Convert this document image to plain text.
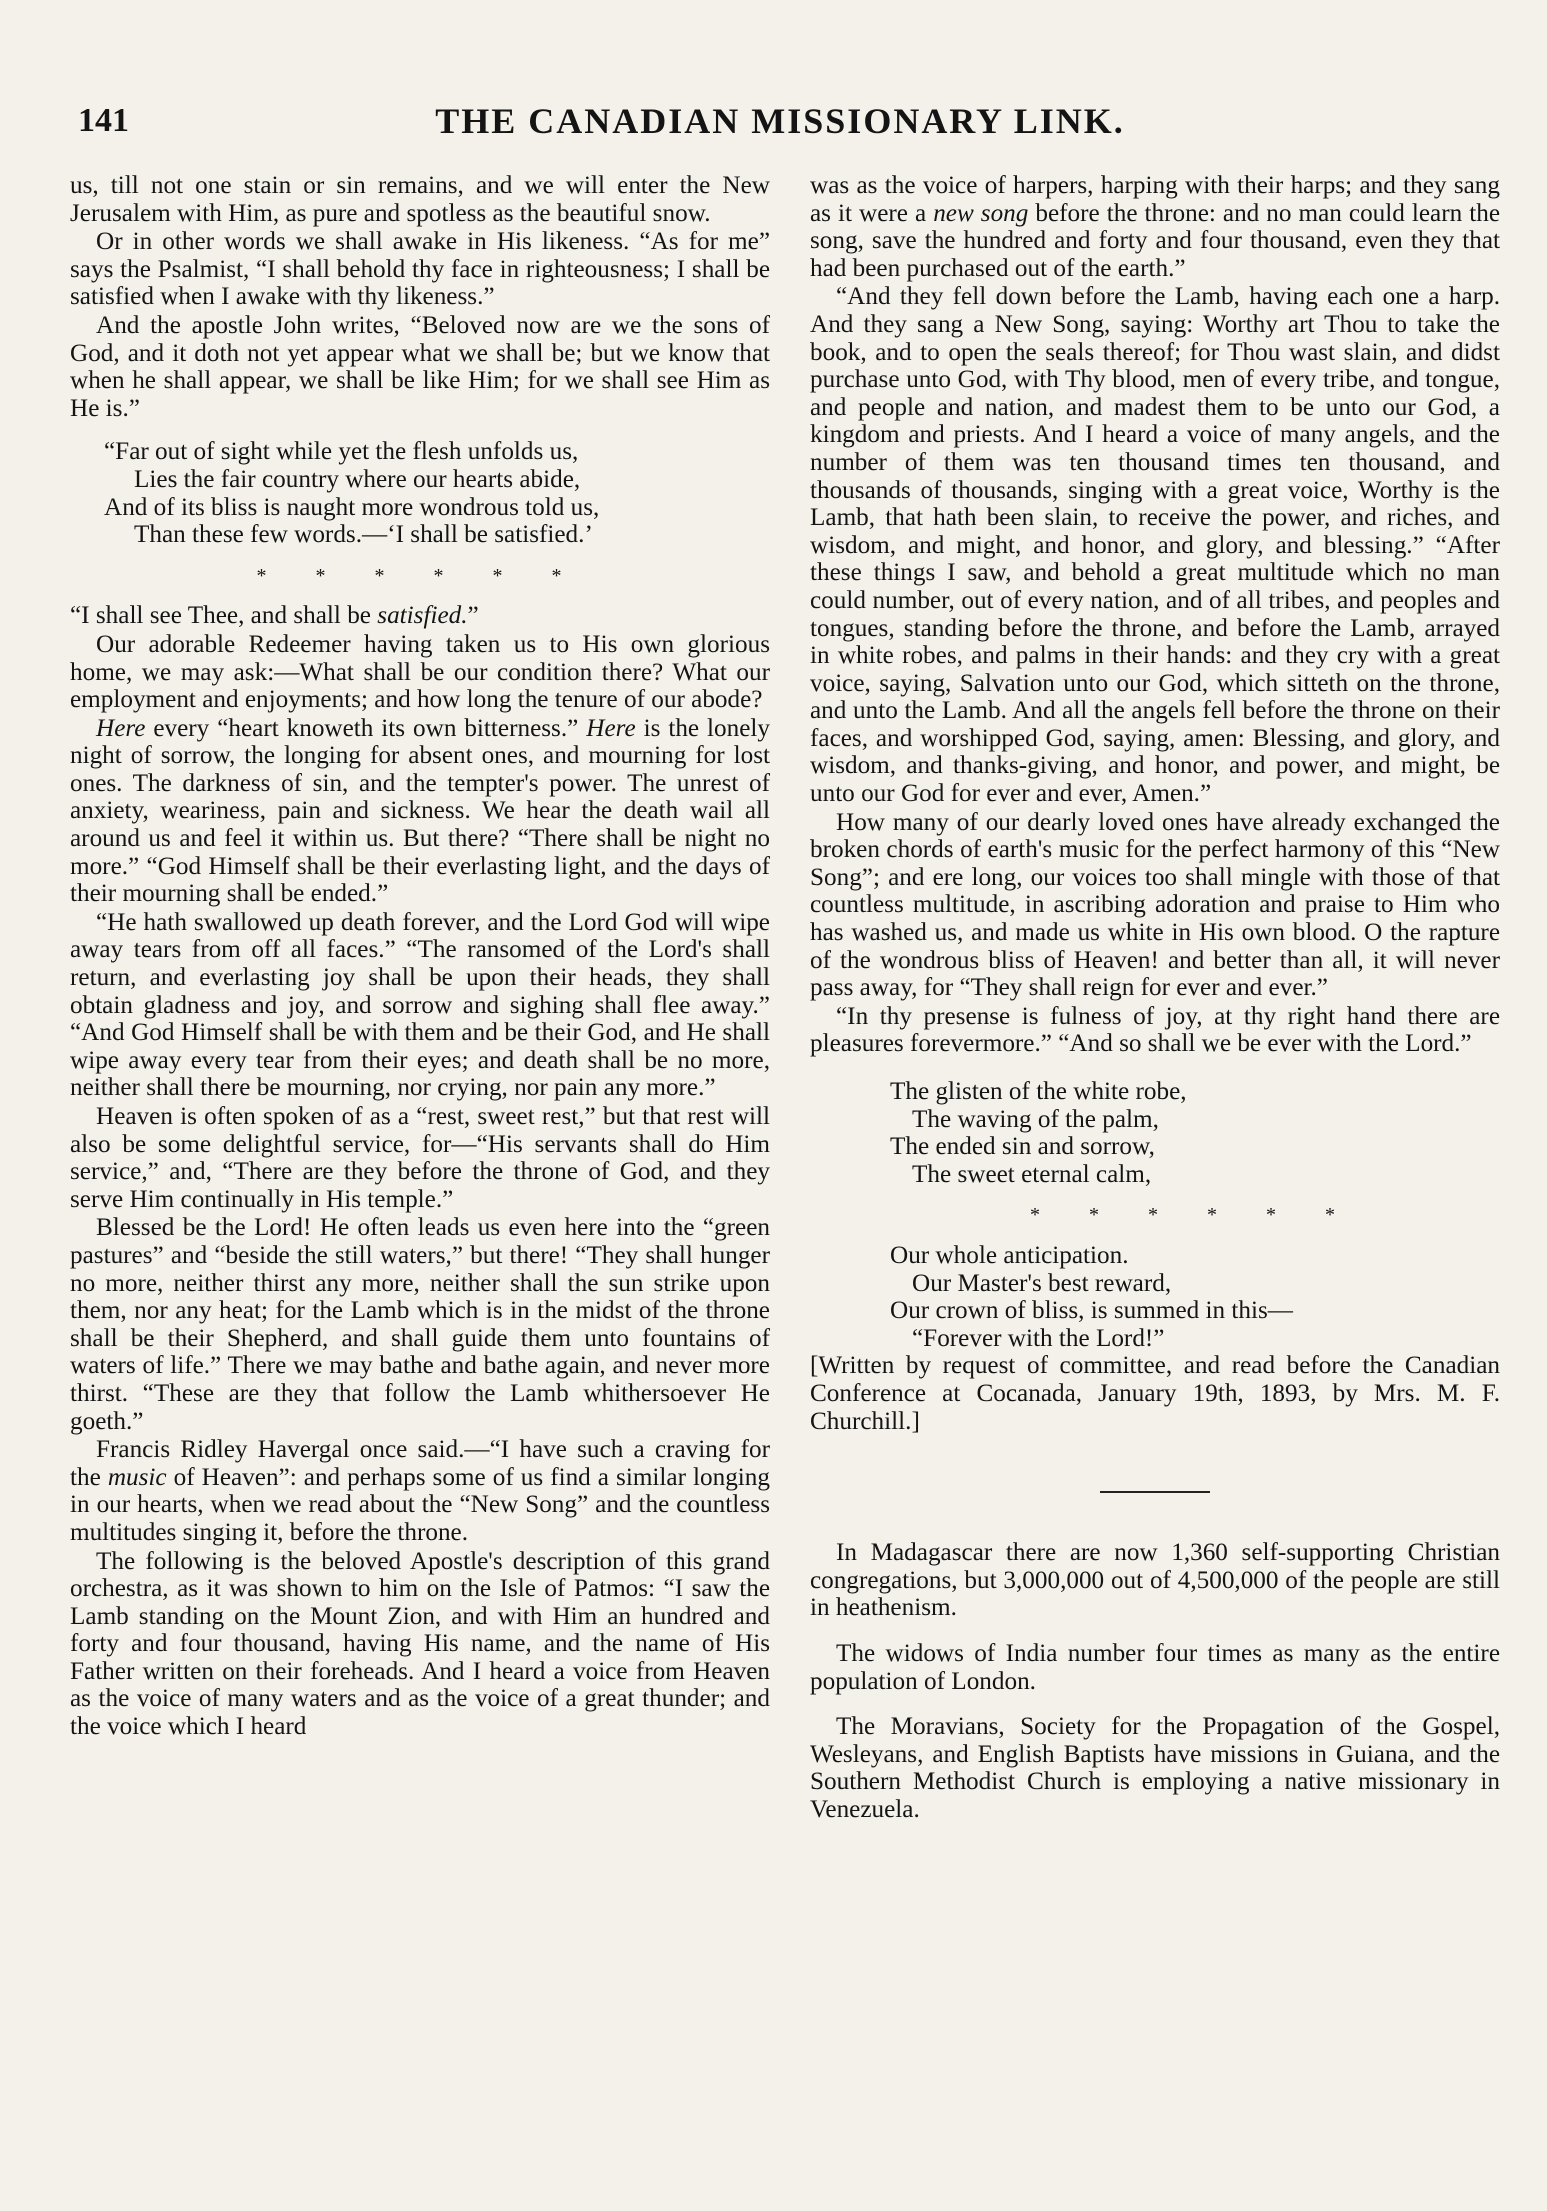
141	THE CANADIAN MISSIONARY LINK.

us, till not one stain or sin remains, and we will enter the New Jerusalem with Him, as pure and spotless as the beautiful snow.

Or in other words we shall awake in His likeness. “As for me” says the Psalmist, “I shall behold thy face in righteousness; I shall be satisfied when I awake with thy likeness.”

And the apostle John writes, “Beloved now are we the sons of God, and it doth not yet appear what we shall be; but we know that when he shall appear, we shall be like Him; for we shall see Him as He is.”

“Far out of sight while yet the flesh unfolds us,
Lies the fair country where our hearts abide,
And of its bliss is naught more wondrous told us,
Than these few words.—‘I shall be satisfied.’
* * * * * *

“I shall see Thee, and shall be satisfied.”

Our adorable Redeemer having taken us to His own glorious home, we may ask:—What shall be our condition there? What our employment and enjoyments; and how long the tenure of our abode?

Here every “heart knoweth its own bitterness.” Here is the lonely night of sorrow, the longing for absent ones, and mourning for lost ones. The darkness of sin, and the tempter's power. The unrest of anxiety, weariness, pain and sickness. We hear the death wail all around us and feel it within us. But there? “There shall be night no more.” “God Himself shall be their everlasting light, and the days of their mourning shall be ended.”

“He hath swallowed up death forever, and the Lord God will wipe away tears from off all faces.” “The ransomed of the Lord's shall return, and everlasting joy shall be upon their heads, they shall obtain gladness and joy, and sorrow and sighing shall flee away.” “And God Himself shall be with them and be their God, and He shall wipe away every tear from their eyes; and death shall be no more, neither shall there be mourning, nor crying, nor pain any more.”

Heaven is often spoken of as a “rest, sweet rest,” but that rest will also be some delightful service, for—“His servants shall do Him service,” and, “There are they before the throne of God, and they serve Him continually in His temple.”

Blessed be the Lord! He often leads us even here into the “green pastures” and “beside the still waters,” but there! “They shall hunger no more, neither thirst any more, neither shall the sun strike upon them, nor any heat; for the Lamb which is in the midst of the throne shall be their Shepherd, and shall guide them unto fountains of waters of life.” There we may bathe and bathe again, and never more thirst. “These are they that follow the Lamb whithersoever He goeth.”

Francis Ridley Havergal once said.—“I have such a craving for the music of Heaven”: and perhaps some of us find a similar longing in our hearts, when we read about the “New Song” and the countless multitudes singing it, before the throne.

The following is the beloved Apostle's description of this grand orchestra, as it was shown to him on the Isle of Patmos: “I saw the Lamb standing on the Mount Zion, and with Him an hundred and forty and four thousand, having His name, and the name of His Father written on their foreheads. And I heard a voice from Heaven as the voice of many waters and as the voice of a great thunder; and the voice which I heard

was as the voice of harpers, harping with their harps; and they sang as it were a new song before the throne: and no man could learn the song, save the hundred and forty and four thousand, even they that had been purchased out of the earth.”

“And they fell down before the Lamb, having each one a harp. And they sang a New Song, saying: Worthy art Thou to take the book, and to open the seals thereof; for Thou wast slain, and didst purchase unto God, with Thy blood, men of every tribe, and tongue, and people and nation, and madest them to be unto our God, a kingdom and priests. And I heard a voice of many angels, and the number of them was ten thousand times ten thousand, and thousands of thousands, singing with a great voice, Worthy is the Lamb, that hath been slain, to receive the power, and riches, and wisdom, and might, and honor, and glory, and blessing.” “After these things I saw, and behold a great multitude which no man could number, out of every nation, and of all tribes, and peoples and tongues, standing before the throne, and before the Lamb, arrayed in white robes, and palms in their hands: and they cry with a great voice, saying, Salvation unto our God, which sitteth on the throne, and unto the Lamb. And all the angels fell before the throne on their faces, and worshipped God, saying, amen: Blessing, and glory, and wisdom, and thanks-giving, and honor, and power, and might, be unto our God for ever and ever, Amen.”

How many of our dearly loved ones have already exchanged the broken chords of earth's music for the perfect harmony of this “New Song”; and ere long, our voices too shall mingle with those of that countless multitude, in ascribing adoration and praise to Him who has washed us, and made us white in His own blood. O the rapture of the wondrous bliss of Heaven! and better than all, it will never pass away, for “They shall reign for ever and ever.”

“In thy presense is fulness of joy, at thy right hand there are pleasures forevermore.” “And so shall we be ever with the Lord.”

The glisten of the white robe,
The waving of the palm,
The ended sin and sorrow,
The sweet eternal calm,
* * * * * *
Our whole anticipation.
Our Master's best reward,
Our crown of bliss, is summed in this—
“Forever with the Lord!”

[Written by request of committee, and read before the Canadian Conference at Cocanada, January 19th, 1893, by Mrs. M. F. Churchill.]

In Madagascar there are now 1,360 self-supporting Christian congregations, but 3,000,000 out of 4,500,000 of the people are still in heathenism.

The widows of India number four times as many as the entire population of London.

The Moravians, Society for the Propagation of the Gospel, Wesleyans, and English Baptists have missions in Guiana, and the Southern Methodist Church is employing a native missionary in Venezuela.
